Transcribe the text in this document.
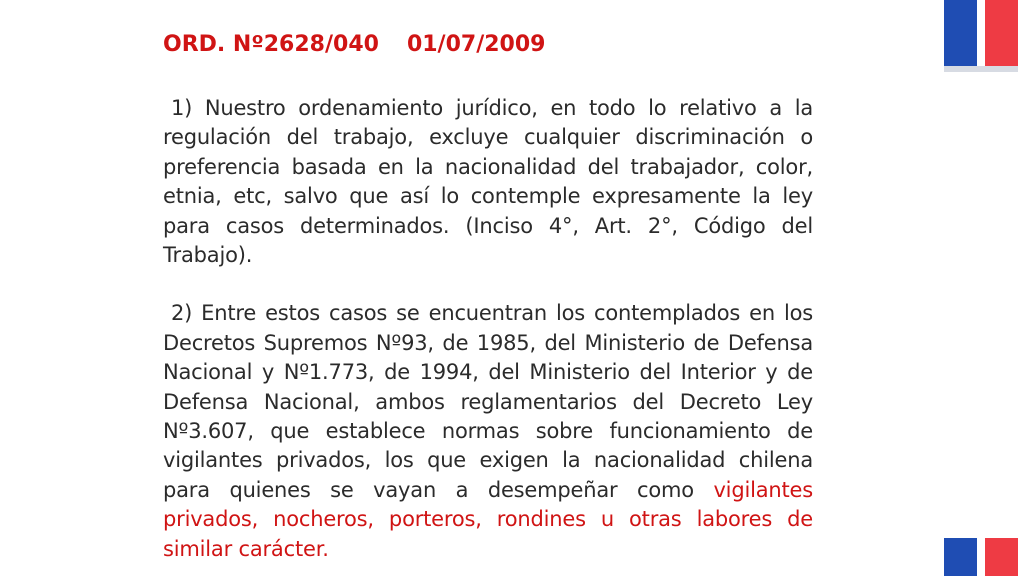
ORD. Nº2628/040 01/07/2009

1) Nuestro ordenamiento jurídico, en todo lo relativo a la regulación del trabajo, excluye cualquier discriminación o preferencia basada en la nacionalidad del trabajador, color, etnia, etc, salvo que así lo contemple expresamente la ley para casos determinados. (Inciso 4°, Art. 2°, Código del Trabajo).

2) Entre estos casos se encuentran los contemplados en los Decretos Supremos Nº93, de 1985, del Ministerio de Defensa Nacional y Nº1.773, de 1994, del Ministerio del Interior y de Defensa Nacional, ambos reglamentarios del Decreto Ley Nº3.607, que establece normas sobre funcionamiento de vigilantes privados, los que exigen la nacionalidad chilena para quienes se vayan a desempeñar como vigilantes privados, nocheros, porteros, rondines u otras labores de similar carácter.
